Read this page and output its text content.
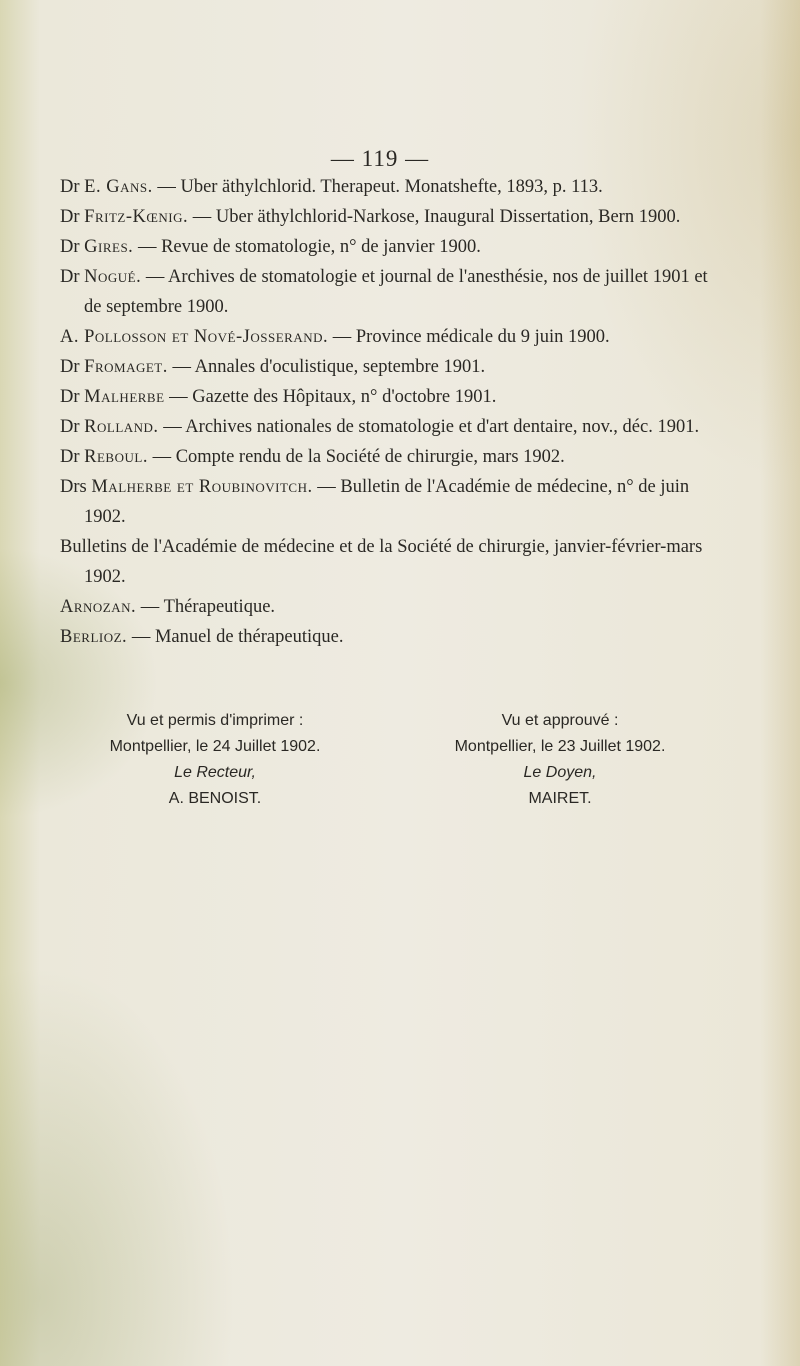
— 119 —

Dr E. Gans. — Uber äthylchlorid. Therapeut. Monatshefte, 1893, p. 113.

Dr Fritz-Kœnig. — Uber äthylchlorid-Narkose, Inaugural Dissertation, Bern 1900.

Dr Gires. — Revue de stomatologie, n° de janvier 1900.

Dr Nogué. — Archives de stomatologie et journal de l'anesthésie, nos de juillet 1901 et de septembre 1900.

A. Pollosson et Nové-Josserand. — Province médicale du 9 juin 1900.

Dr Fromaget. — Annales d'oculistique, septembre 1901.

Dr Malherbe — Gazette des Hôpitaux, n° d'octobre 1901.

Dr Rolland. — Archives nationales de stomatologie et d'art dentaire, nov., déc. 1901.

Dr Reboul. — Compte rendu de la Société de chirurgie, mars 1902.

Drs Malherbe et Roubinovitch. — Bulletin de l'Académie de médecine, n° de juin 1902.

Bulletins de l'Académie de médecine et de la Société de chirurgie, janvier-février-mars 1902.

Arnozan. — Thérapeutique.

Berlioz. — Manuel de thérapeutique.

Vu et permis d'imprimer :
Montpellier, le 24 Juillet 1902.
Le Recteur,
A. BENOIST.
Vu et approuvé :
Montpellier, le 23 Juillet 1902.
Le Doyen,
MAIRET.
